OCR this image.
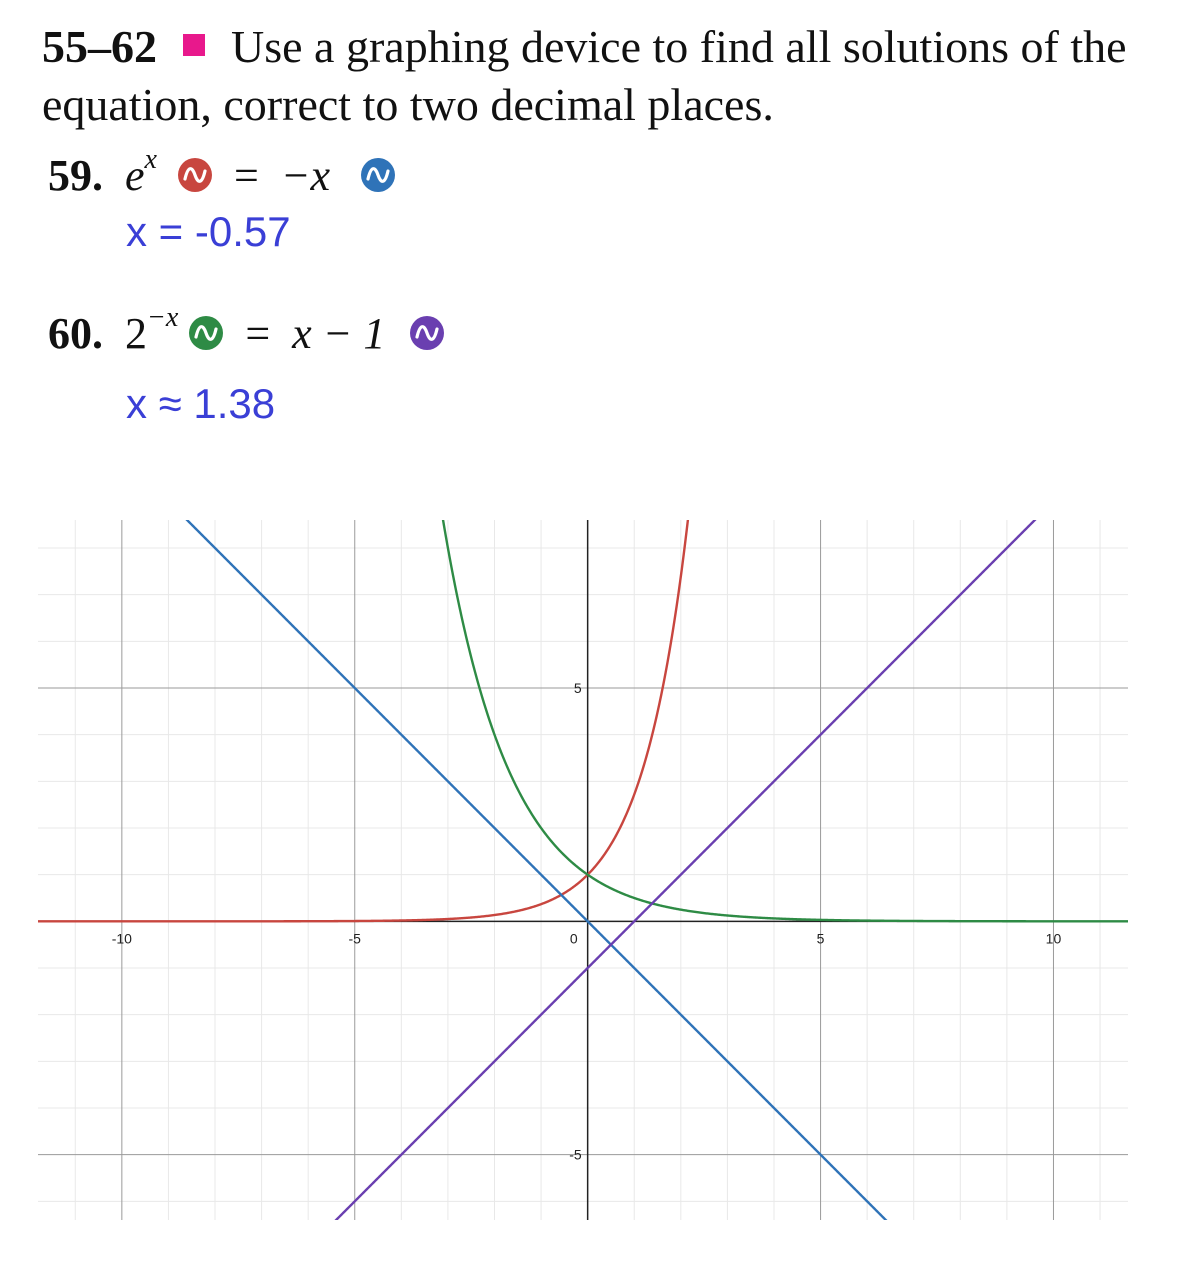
55–62 Use a graphing device to find all solutions of the equation, correct to two decimal places.
59. $e^x = -x$
x = -0.57
60. $2^{-x} = x - 1$
x ≈ 1.38
-10	-5	0	5	10
5
-5
